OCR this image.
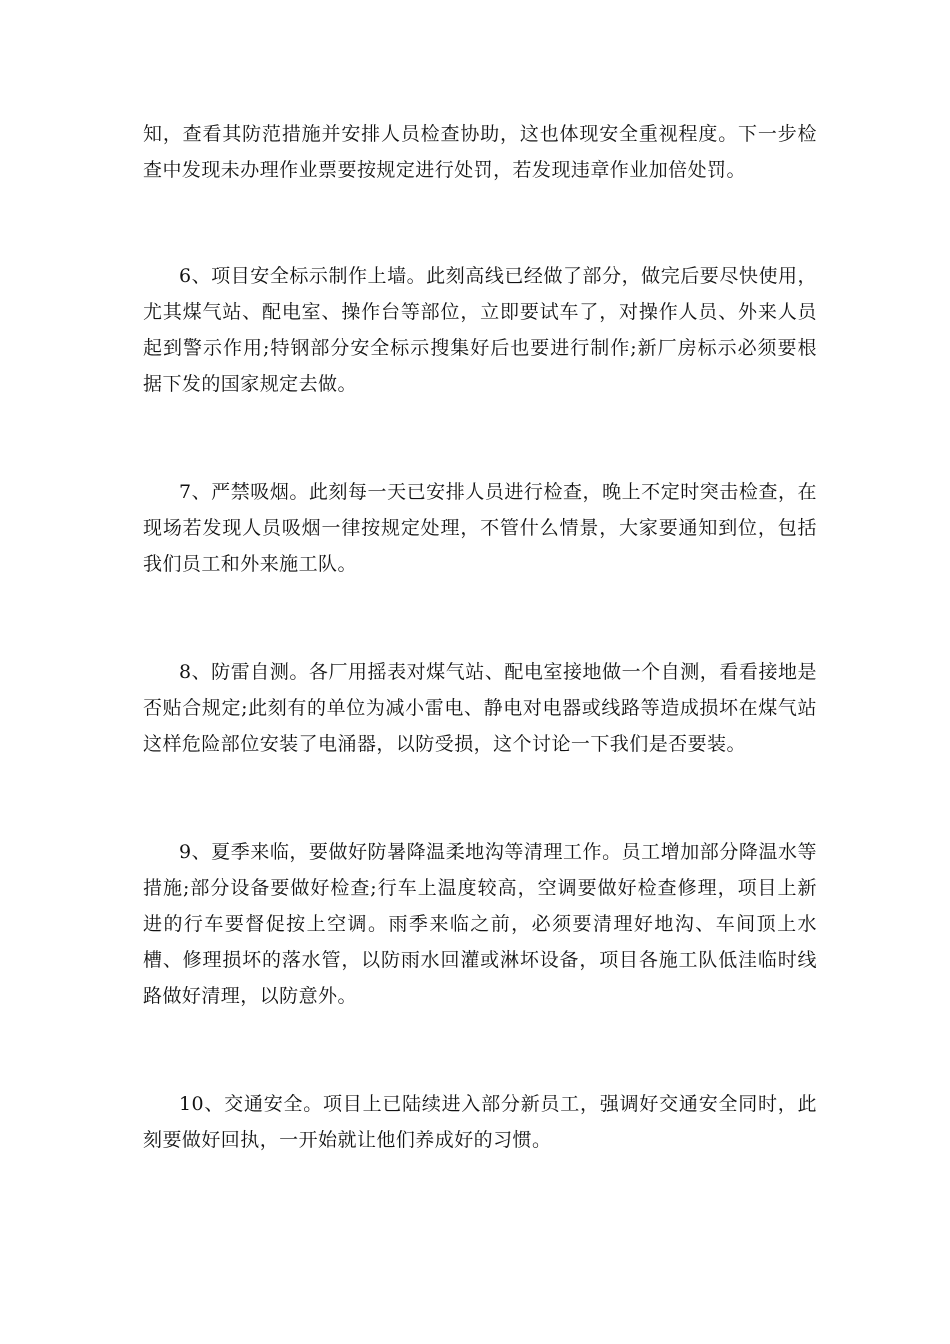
知，查看其防范措施并安排人员检查协助，这也体现安全重视程度。下一步检查中发现未办理作业票要按规定进行处罚，若发现违章作业加倍处罚。

6、项目安全标示制作上墙。此刻高线已经做了部分，做完后要尽快使用，尤其煤气站、配电室、操作台等部位，立即要试车了，对操作人员、外来人员起到警示作用;特钢部分安全标示搜集好后也要进行制作;新厂房标示必须要根据下发的国家规定去做。

7、严禁吸烟。此刻每一天已安排人员进行检查，晚上不定时突击检查，在现场若发现人员吸烟一律按规定处理，不管什么情景，大家要通知到位，包括我们员工和外来施工队。

8、防雷自测。各厂用摇表对煤气站、配电室接地做一个自测，看看接地是否贴合规定;此刻有的单位为减小雷电、静电对电器或线路等造成损坏在煤气站这样危险部位安装了电涌器，以防受损，这个讨论一下我们是否要装。

9、夏季来临，要做好防暑降温柔地沟等清理工作。员工增加部分降温水等措施;部分设备要做好检查;行车上温度较高，空调要做好检查修理，项目上新进的行车要督促按上空调。雨季来临之前，必须要清理好地沟、车间顶上水槽、修理损坏的落水管，以防雨水回灌或淋坏设备，项目各施工队低洼临时线路做好清理，以防意外。

10、交通安全。项目上已陆续进入部分新员工，强调好交通安全同时，此刻要做好回执，一开始就让他们养成好的习惯。
